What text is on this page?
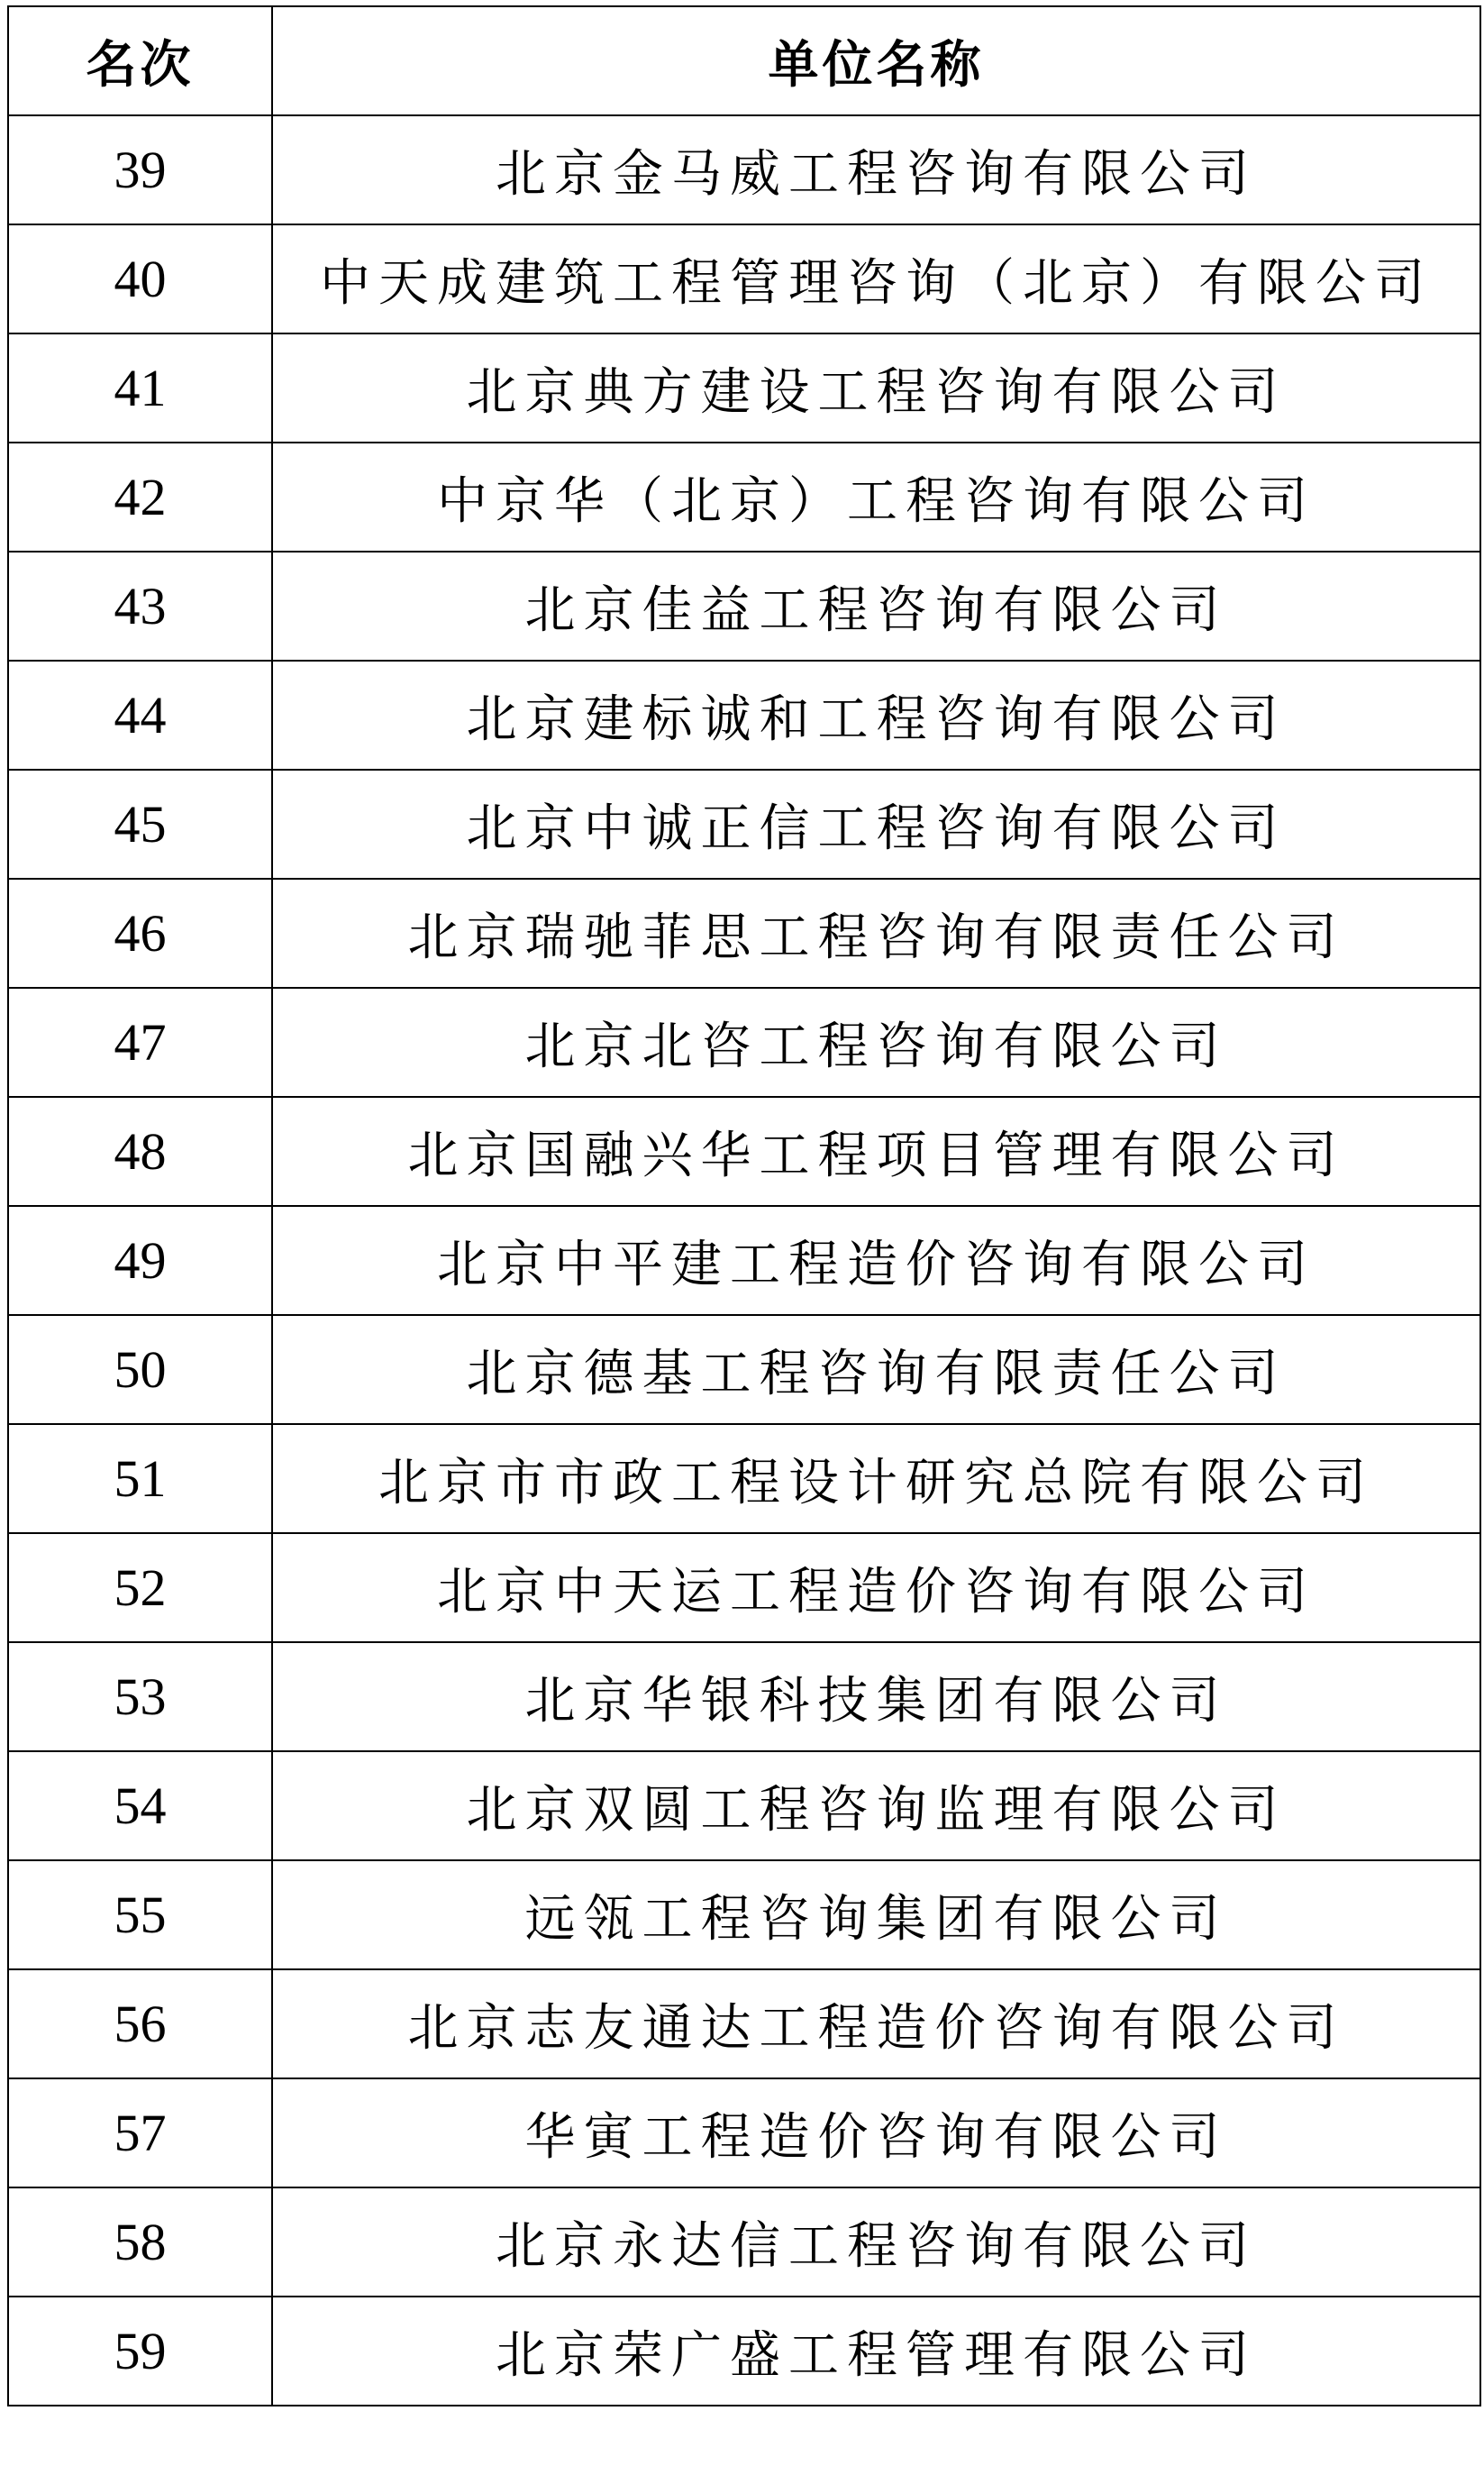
名次	单位名称
39	北京金马威工程咨询有限公司
40	中天成建筑工程管理咨询（北京）有限公司
41	北京典方建设工程咨询有限公司
42	中京华（北京）工程咨询有限公司
43	北京佳益工程咨询有限公司
44	北京建标诚和工程咨询有限公司
45	北京中诚正信工程咨询有限公司
46	北京瑞驰菲思工程咨询有限责任公司
47	北京北咨工程咨询有限公司
48	北京国融兴华工程项目管理有限公司
49	北京中平建工程造价咨询有限公司
50	北京德基工程咨询有限责任公司
51	北京市市政工程设计研究总院有限公司
52	北京中天运工程造价咨询有限公司
53	北京华银科技集团有限公司
54	北京双圆工程咨询监理有限公司
55	远瓴工程咨询集团有限公司
56	北京志友通达工程造价咨询有限公司
57	华寅工程造价咨询有限公司
58	北京永达信工程咨询有限公司
59	北京荣广盛工程管理有限公司
